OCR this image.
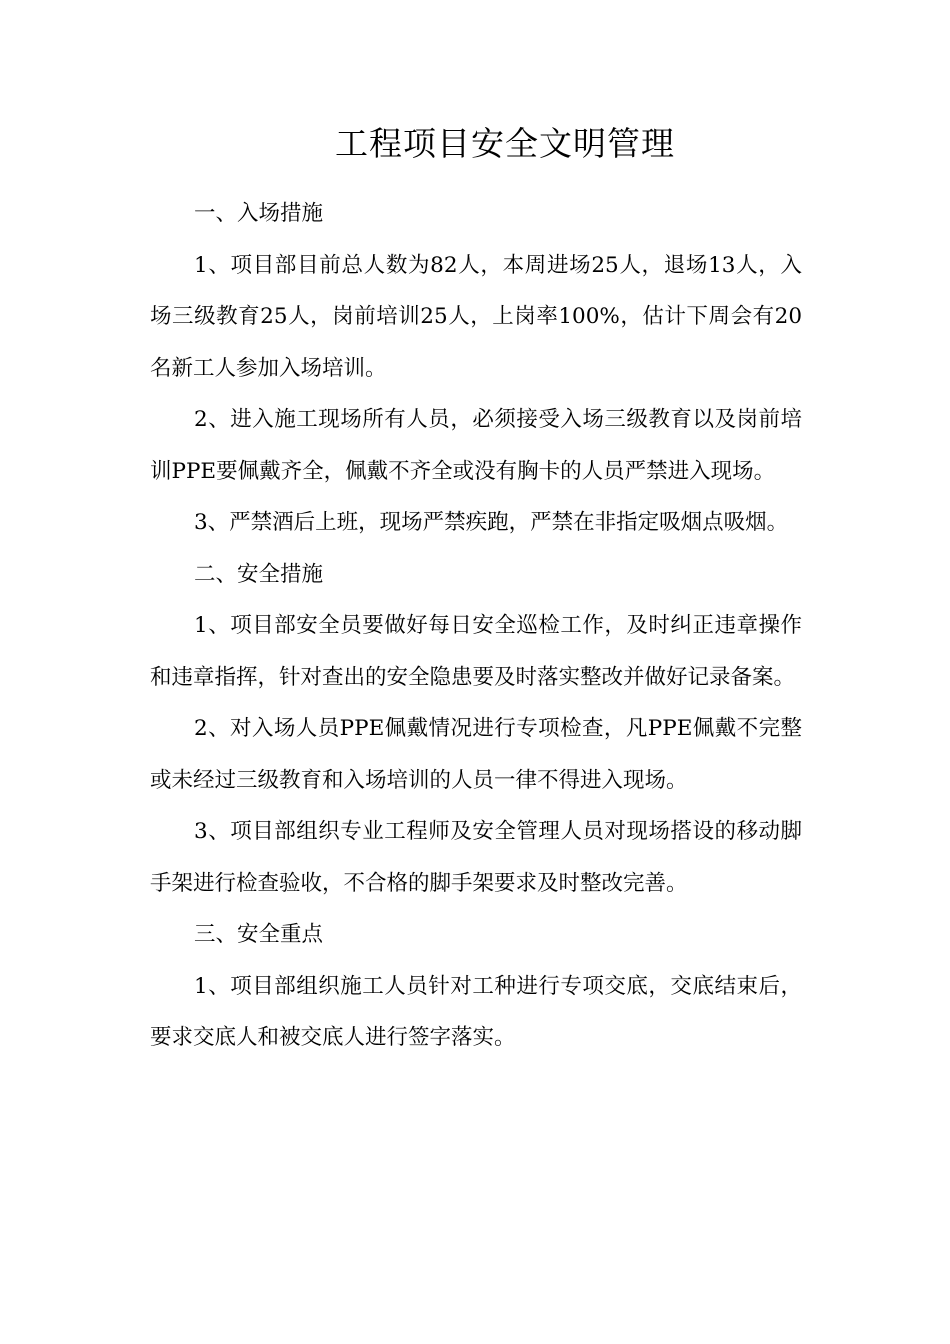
工程项目安全文明管理

一、入场措施

1、项目部目前总人数为82人，本周进场25人，退场13人，入场三级教育25人，岗前培训25人，上岗率100%，估计下周会有20名新工人参加入场培训。

2、进入施工现场所有人员，必须接受入场三级教育以及岗前培训PPE要佩戴齐全，佩戴不齐全或没有胸卡的人员严禁进入现场。

3、严禁酒后上班，现场严禁疾跑，严禁在非指定吸烟点吸烟。

二、安全措施

1、项目部安全员要做好每日安全巡检工作，及时纠正违章操作和违章指挥，针对查出的安全隐患要及时落实整改并做好记录备案。

2、对入场人员PPE佩戴情况进行专项检查，凡PPE佩戴不完整或未经过三级教育和入场培训的人员一律不得进入现场。

3、项目部组织专业工程师及安全管理人员对现场搭设的移动脚手架进行检查验收，不合格的脚手架要求及时整改完善。

三、安全重点

1、项目部组织施工人员针对工种进行专项交底，交底结束后，要求交底人和被交底人进行签字落实。
